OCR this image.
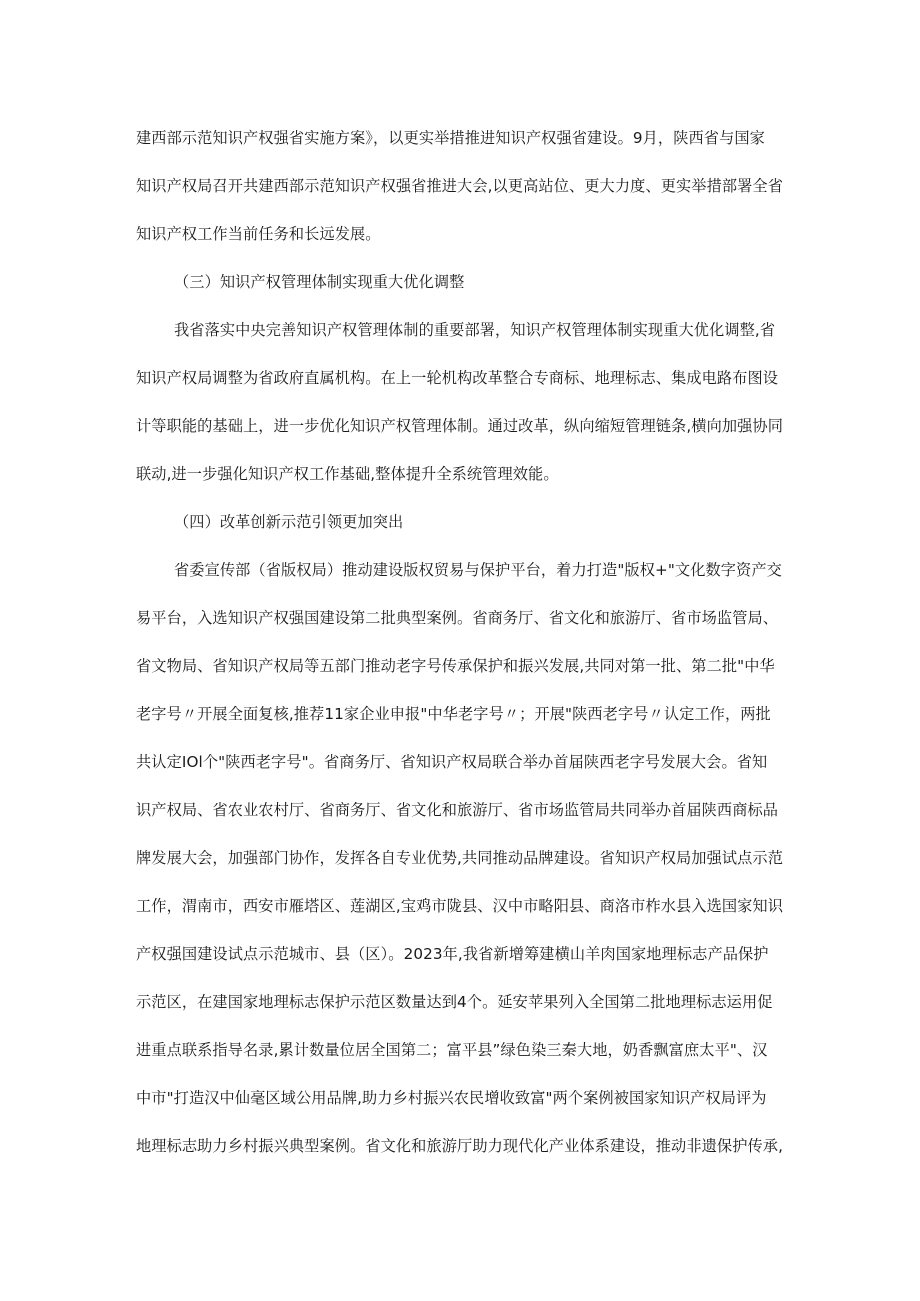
建西部示范知识产权强省实施方案》，以更实举措推进知识产权强省建设。9月，陕西省与国家
知识产权局召开共建西部示范知识产权强省推进大会,以更高站位、更大力度、更实举措部署全省
知识产权工作当前任务和长远发展。
（三）知识产权管理体制实现重大优化调整
我省落实中央完善知识产权管理体制的重要部署，知识产权管理体制实现重大优化调整,省
知识产权局调整为省政府直属机构。在上一轮机构改革整合专商标、地理标志、集成电路布图设
计等职能的基础上，进一步优化知识产权管理体制。通过改革，纵向缩短管理链条,横向加强协同
联动,进一步强化知识产权工作基础,整体提升全系统管理效能。
（四）改革创新示范引领更加突出
省委宣传部（省版权局）推动建设版权贸易与保护平台，着力打造"版权+"文化数字资产交
易平台，入选知识产权强国建设第二批典型案例。省商务厅、省文化和旅游厅、省市场监管局、
省文物局、省知识产权局等五部门推动老字号传承保护和振兴发展,共同对第一批、第二批"中华
老字号〃开展全面复核,推荐11家企业申报"中华老字号〃；开展"陕西老字号〃认定工作，两批
共认定IOl个"陕西老字号"。省商务厅、省知识产权局联合举办首届陕西老字号发展大会。省知
识产权局、省农业农村厅、省商务厅、省文化和旅游厅、省市场监管局共同举办首届陕西商标品
牌发展大会，加强部门协作，发挥各自专业优势,共同推动品牌建设。省知识产权局加强试点示范
工作，渭南市，西安市雁塔区、莲湖区,宝鸡市陇县、汉中市略阳县、商洛市柞水县入选国家知识
产权强国建设试点示范城市、县（区）。2023年,我省新增筹建横山羊肉国家地理标志产品保护
示范区，在建国家地理标志保护示范区数量达到4个。延安苹果列入全国第二批地理标志运用促
进重点联系指导名录,累计数量位居全国第二；富平县”绿色染三秦大地，奶香飘富庶太平"、汉
中市"打造汉中仙毫区域公用品牌,助力乡村振兴农民增收致富"两个案例被国家知识产权局评为
地理标志助力乡村振兴典型案例。省文化和旅游厅助力现代化产业体系建设，推动非遗保护传承,
